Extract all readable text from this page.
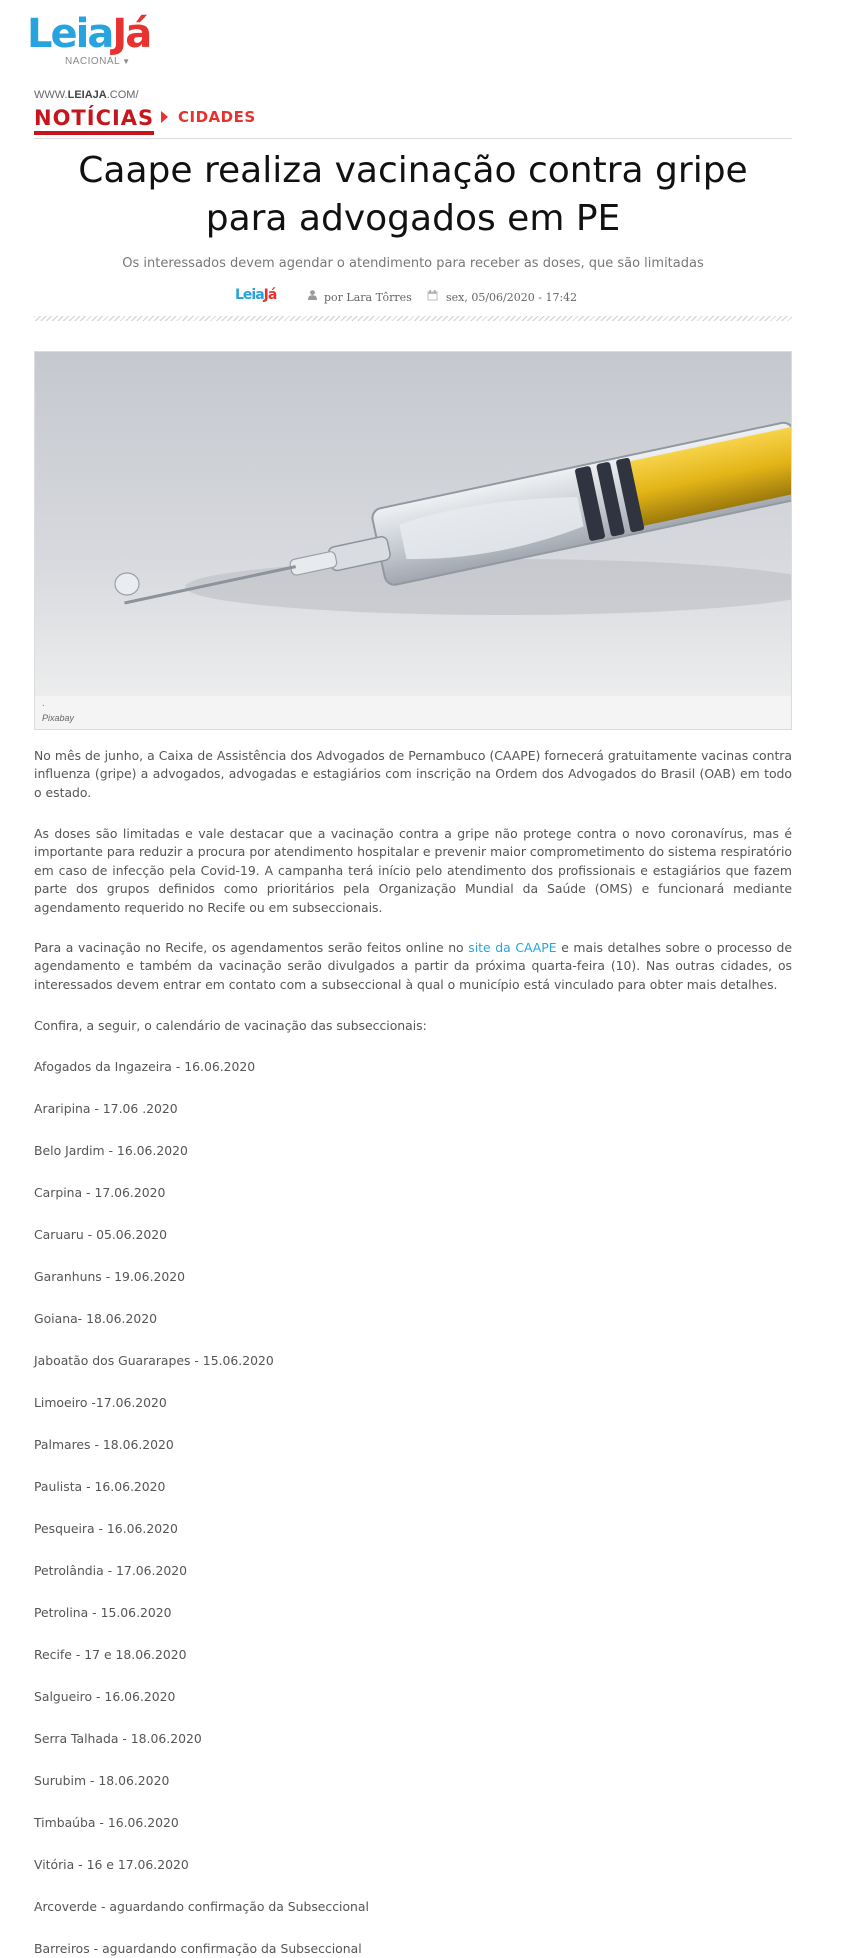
LeiaJá
NACIONAL ▼
WWW.LEIAJA.COM/
NOTÍCIAS CIDADES
Caape realiza vacinação contra gripe para advogados em PE
Os interessados devem agendar o atendimento para receber as doses, que são limitadas
LeiaJá	por Lara Tôrres	sex, 05/06/2020 - 17:42
.
Pixabay

No mês de junho, a Caixa de Assistência dos Advogados de Pernambuco (CAAPE) fornecerá gratuitamente vacinas contra influenza (gripe) a advogados, advogadas e estagiários com inscrição na Ordem dos Advogados do Brasil (OAB) em todo o estado.

As doses são limitadas e vale destacar que a vacinação contra a gripe não protege contra o novo coronavírus, mas é importante para reduzir a procura por atendimento hospitalar e prevenir maior comprometimento do sistema respiratório em caso de infecção pela Covid-19. A campanha terá início pelo atendimento dos profissionais e estagiários que fazem parte dos grupos definidos como prioritários pela Organização Mundial da Saúde (OMS) e funcionará mediante agendamento requerido no Recife ou em subseccionais.

Para a vacinação no Recife, os agendamentos serão feitos online no site da CAAPE e mais detalhes sobre o processo de agendamento e também da vacinação serão divulgados a partir da próxima quarta-feira (10). Nas outras cidades, os interessados devem entrar em contato com a subseccional à qual o município está vinculado para obter mais detalhes.

Confira, a seguir, o calendário de vacinação das subseccionais:

Afogados da Ingazeira - 16.06.2020
Araripina - 17.06 .2020
Belo Jardim - 16.06.2020
Carpina - 17.06.2020
Caruaru - 05.06.2020
Garanhuns - 19.06.2020
Goiana- 18.06.2020
Jaboatão dos Guararapes - 15.06.2020
Limoeiro -17.06.2020
Palmares - 18.06.2020
Paulista - 16.06.2020
Pesqueira - 16.06.2020
Petrolândia - 17.06.2020
Petrolina - 15.06.2020
Recife - 17 e 18.06.2020
Salgueiro - 16.06.2020
Serra Talhada - 18.06.2020
Surubim - 18.06.2020
Timbaúba - 16.06.2020
Vitória - 16 e 17.06.2020
Arcoverde - aguardando confirmação da Subseccional
Barreiros - aguardando confirmação da Subseccional
